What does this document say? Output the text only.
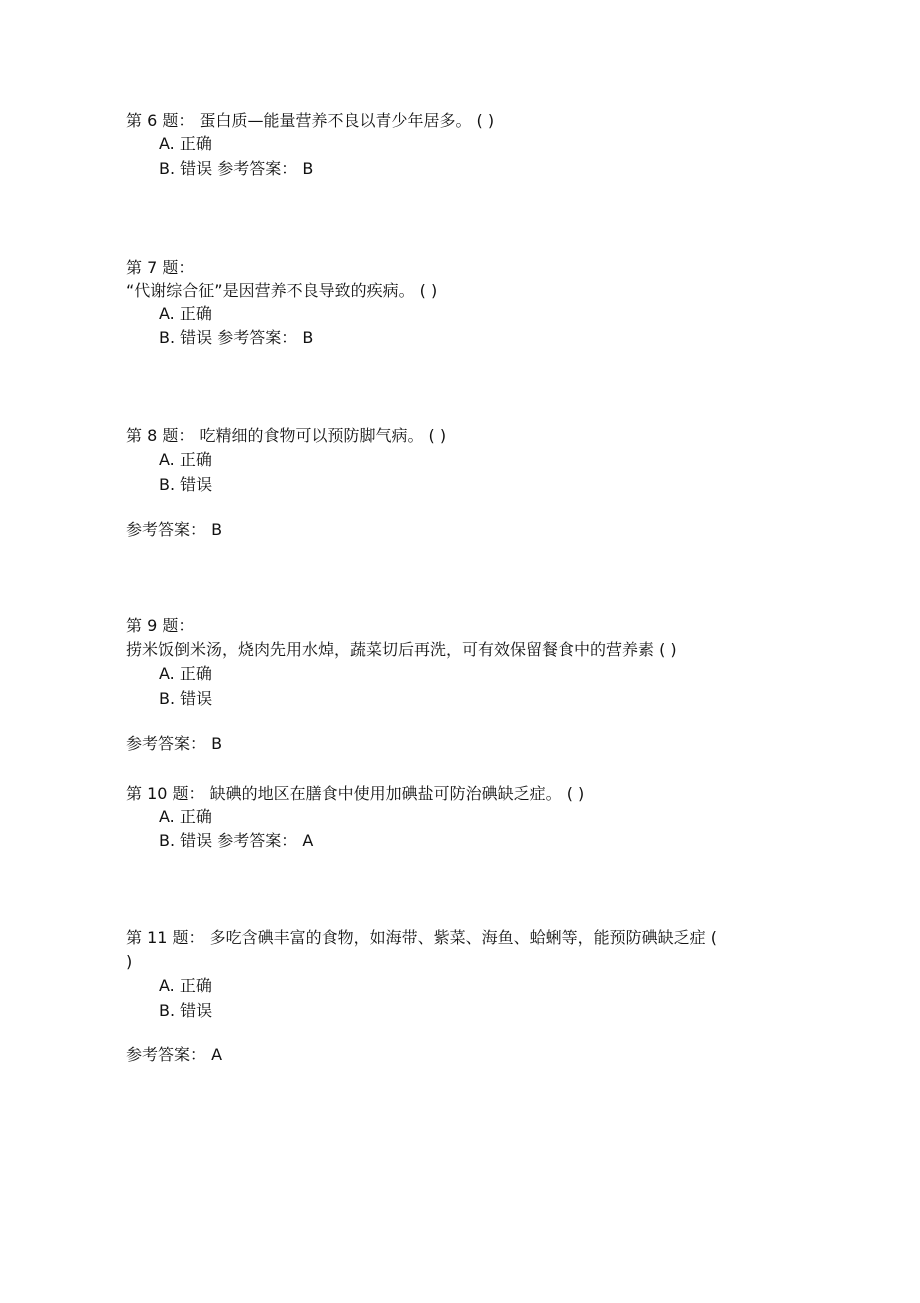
第 6 题： 蛋白质—能量营养不良以青少年居多。 ( )
A. 正确
B. 错误 参考答案： B
第 7 题：
“代谢综合征”是因营养不良导致的疾病。 ( )
A. 正确
B. 错误 参考答案： B
第 8 题： 吃精细的食物可以预防脚气病。 ( )
A. 正确
B. 错误
参考答案： B
第 9 题：
捞米饭倒米汤，烧肉先用水焯，蔬菜切后再洗，可有效保留餐食中的营养素 ( )
A. 正确
B. 错误
参考答案： B
第 10 题： 缺碘的地区在膳食中使用加碘盐可防治碘缺乏症。 ( )
A. 正确
B. 错误 参考答案： A
第 11 题： 多吃含碘丰富的食物，如海带、紫菜、海鱼、蛤蜊等，能预防碘缺乏症 (
)
A. 正确
B. 错误
参考答案： A
